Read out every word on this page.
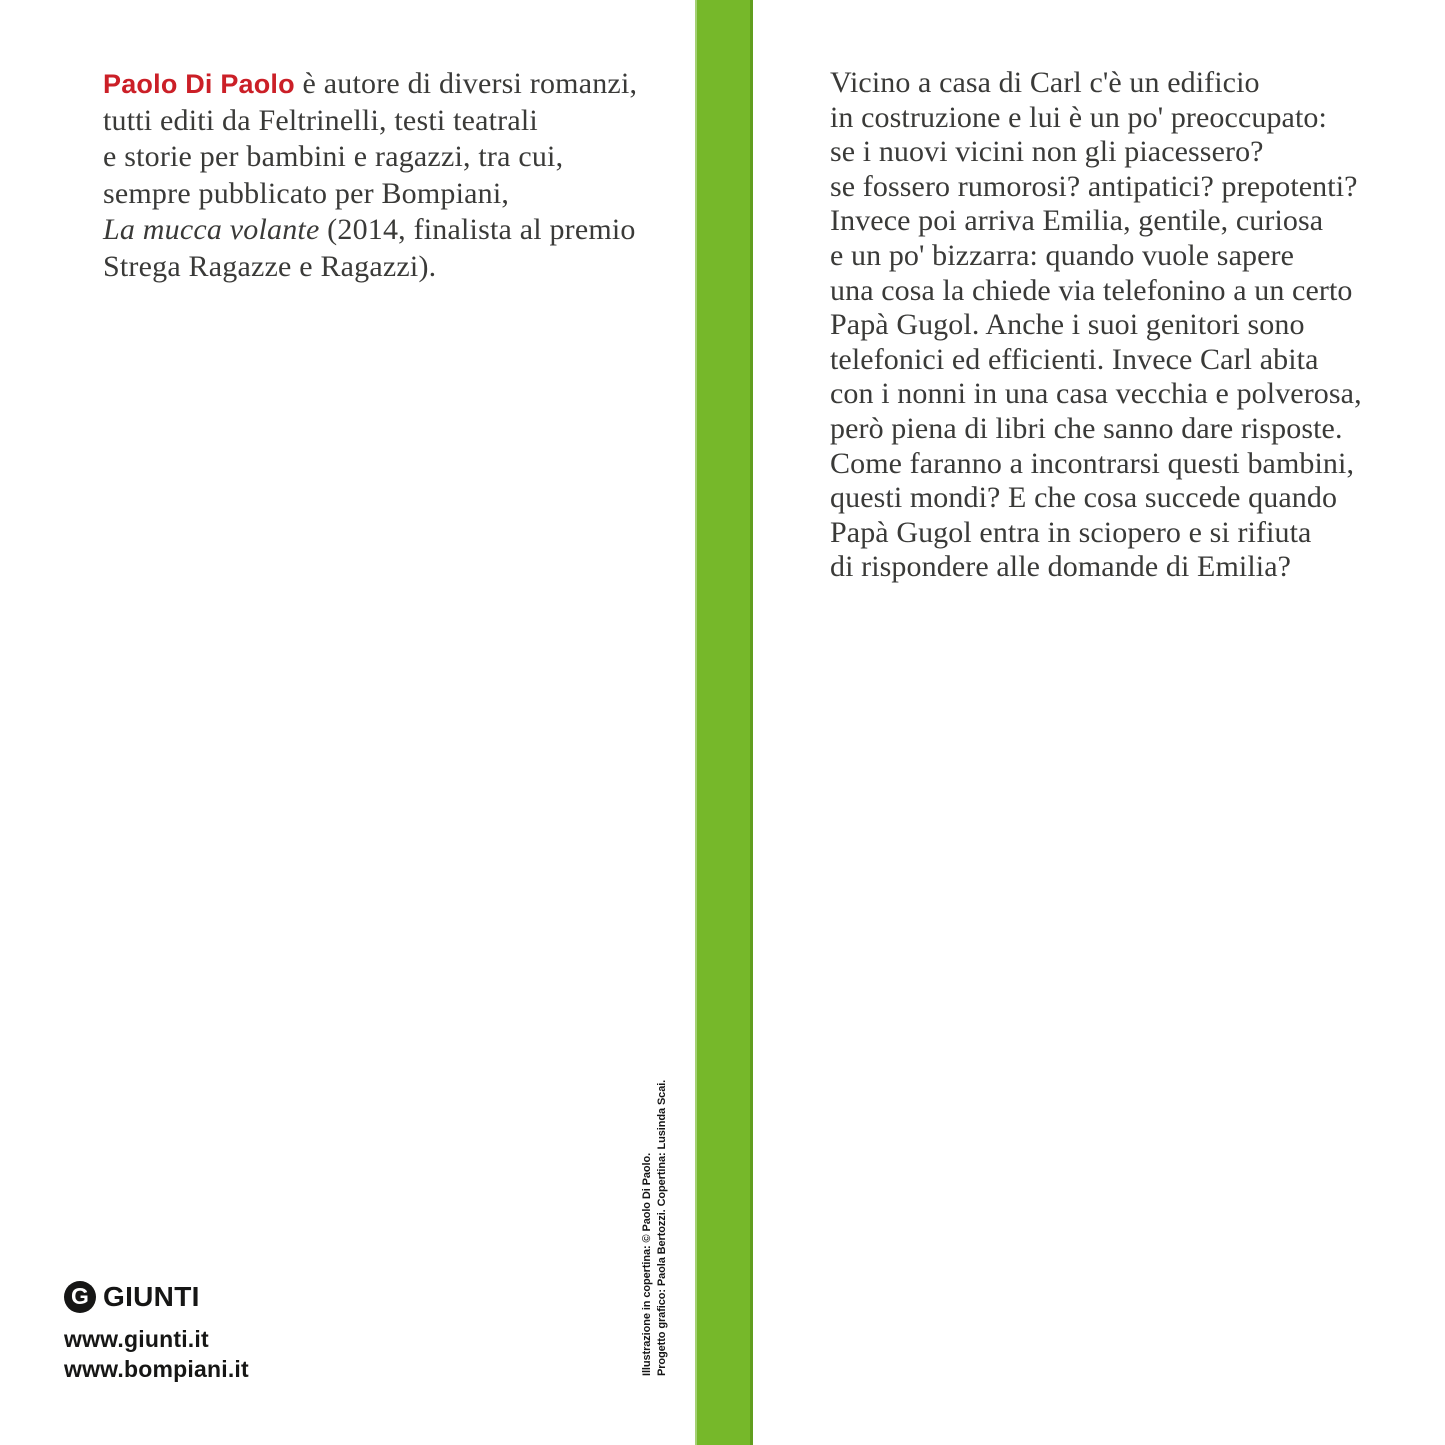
Paolo Di Paolo è autore di diversi romanzi,
tutti editi da Feltrinelli, testi teatrali
e storie per bambini e ragazzi, tra cui,
sempre pubblicato per Bompiani,
La mucca volante (2014, finalista al premio
Strega Ragazze e Ragazzi).
Vicino a casa di Carl c'è un edificio
in costruzione e lui è un po' preoccupato:
se i nuovi vicini non gli piacessero?
se fossero rumorosi? antipatici? prepotenti?
Invece poi arriva Emilia, gentile, curiosa
e un po' bizzarra: quando vuole sapere
una cosa la chiede via telefonino a un certo
Papà Gugol. Anche i suoi genitori sono
telefonici ed efficienti. Invece Carl abita
con i nonni in una casa vecchia e polverosa,
però piena di libri che sanno dare risposte.
Come faranno a incontrarsi questi bambini,
questi mondi? E che cosa succede quando
Papà Gugol entra in sciopero e si rifiuta
di rispondere alle domande di Emilia?
Illustrazione in copertina: © Paolo Di Paolo. Progetto grafico: Paola Bertozzi. Copertina: Lusinda Scai.
G GIUNTI
www.giunti.it
www.bompiani.it
